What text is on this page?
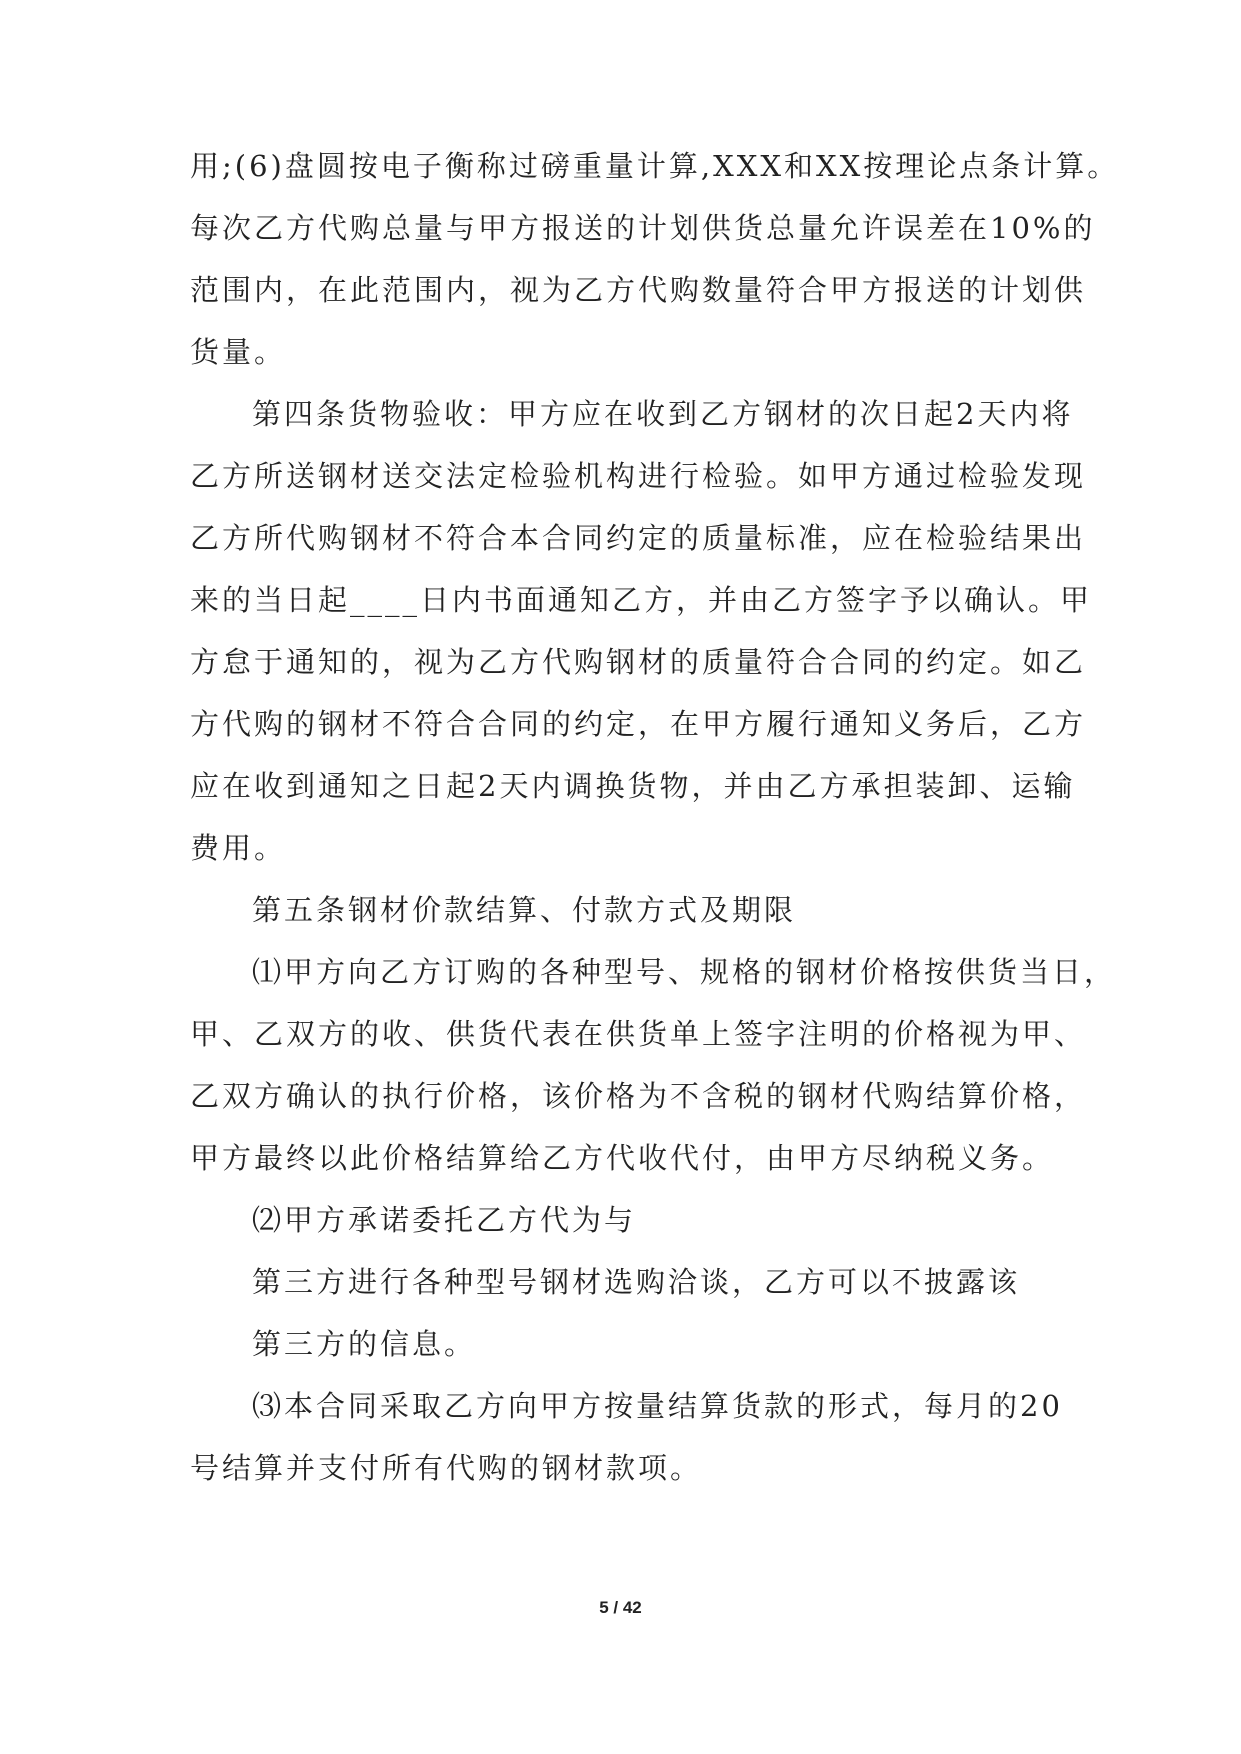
用;(6)盘圆按电子衡称过磅重量计算,XXX和XX按理论点条计算。
每次乙方代购总量与甲方报送的计划供货总量允许误差在10%的
范围内，在此范围内，视为乙方代购数量符合甲方报送的计划供
货量。
第四条货物验收：甲方应在收到乙方钢材的次日起2天内将
乙方所送钢材送交法定检验机构进行检验。如甲方通过检验发现
乙方所代购钢材不符合本合同约定的质量标准，应在检验结果出
来的当日起____日内书面通知乙方，并由乙方签字予以确认。甲
方怠于通知的，视为乙方代购钢材的质量符合合同的约定。如乙
方代购的钢材不符合合同的约定，在甲方履行通知义务后，乙方
应在收到通知之日起2天内调换货物，并由乙方承担装卸、运输
费用。
第五条钢材价款结算、付款方式及期限
⑴甲方向乙方订购的各种型号、规格的钢材价格按供货当日，
甲、乙双方的收、供货代表在供货单上签字注明的价格视为甲、
乙双方确认的执行价格，该价格为不含税的钢材代购结算价格，
甲方最终以此价格结算给乙方代收代付，由甲方尽纳税义务。
⑵甲方承诺委托乙方代为与
第三方进行各种型号钢材选购洽谈，乙方可以不披露该
第三方的信息。
⑶本合同采取乙方向甲方按量结算货款的形式，每月的20
号结算并支付所有代购的钢材款项。
5 / 42
